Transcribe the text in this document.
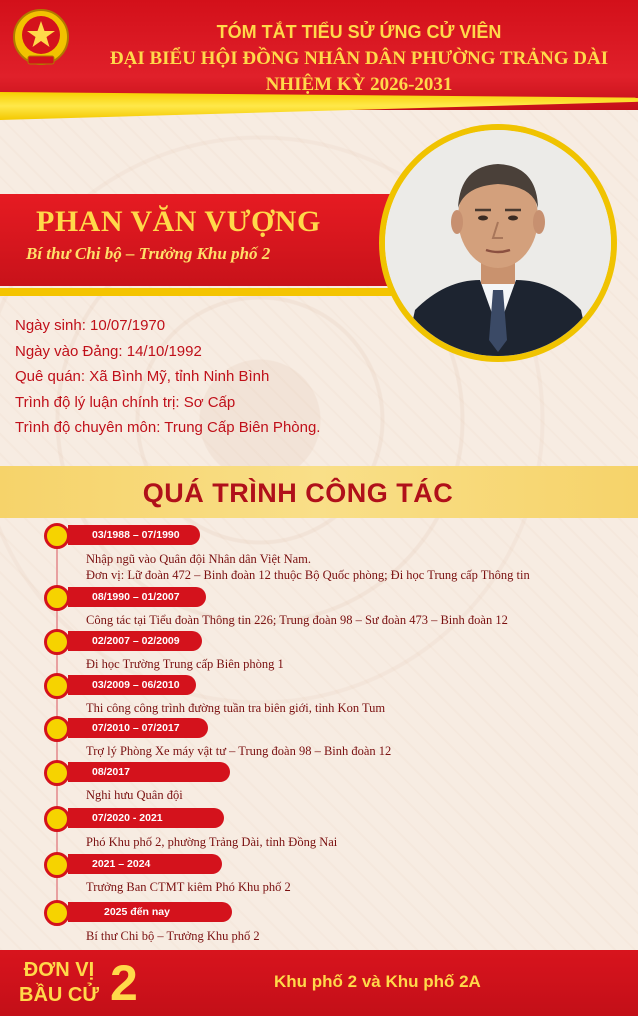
TÓM TẮT TIỂU SỬ ỨNG CỬ VIÊN
ĐẠI BIỂU HỘI ĐỒNG NHÂN DÂN PHƯỜNG TRẢNG DÀI
NHIỆM KỲ 2026-2031
PHAN VĂN VƯỢNG
Bí thư Chi bộ – Trưởng Khu phố 2
Ngày sinh: 10/07/1970
Ngày vào Đảng: 14/10/1992
Quê quán: Xã Bình Mỹ, tỉnh Ninh Bình
Trình độ lý luận chính trị: Sơ Cấp
Trình độ chuyên môn: Trung Cấp Biên Phòng.
QUÁ TRÌNH CÔNG TÁC
03/1988 – 07/1990
Nhập ngũ vào Quân đội Nhân dân Việt Nam.
Đơn vị: Lữ đoàn 472 – Binh đoàn 12 thuộc Bộ Quốc phòng; Đi học Trung cấp Thông tin
08/1990 – 01/2007
Công tác tại Tiểu đoàn Thông tin 226; Trung đoàn 98 – Sư đoàn 473 – Binh đoàn 12
02/2007 – 02/2009
Đi học Trường Trung cấp Biên phòng 1
03/2009 – 06/2010
Thi công công trình đường tuần tra biên giới, tỉnh Kon Tum
07/2010 – 07/2017
Trợ lý Phòng Xe máy vật tư – Trung đoàn 98 – Binh đoàn 12
08/2017
Nghỉ hưu Quân đội
07/2020 - 2021
Phó Khu phố 2, phường Trảng Dài, tỉnh Đồng Nai
2021 – 2024
Trưởng Ban CTMT kiêm Phó Khu phố 2
2025 đến nay
Bí thư Chi bộ – Trưởng Khu phố 2
ĐƠN VỊ
BẦU CỬ 2	Khu phố 2 và Khu phố 2A
